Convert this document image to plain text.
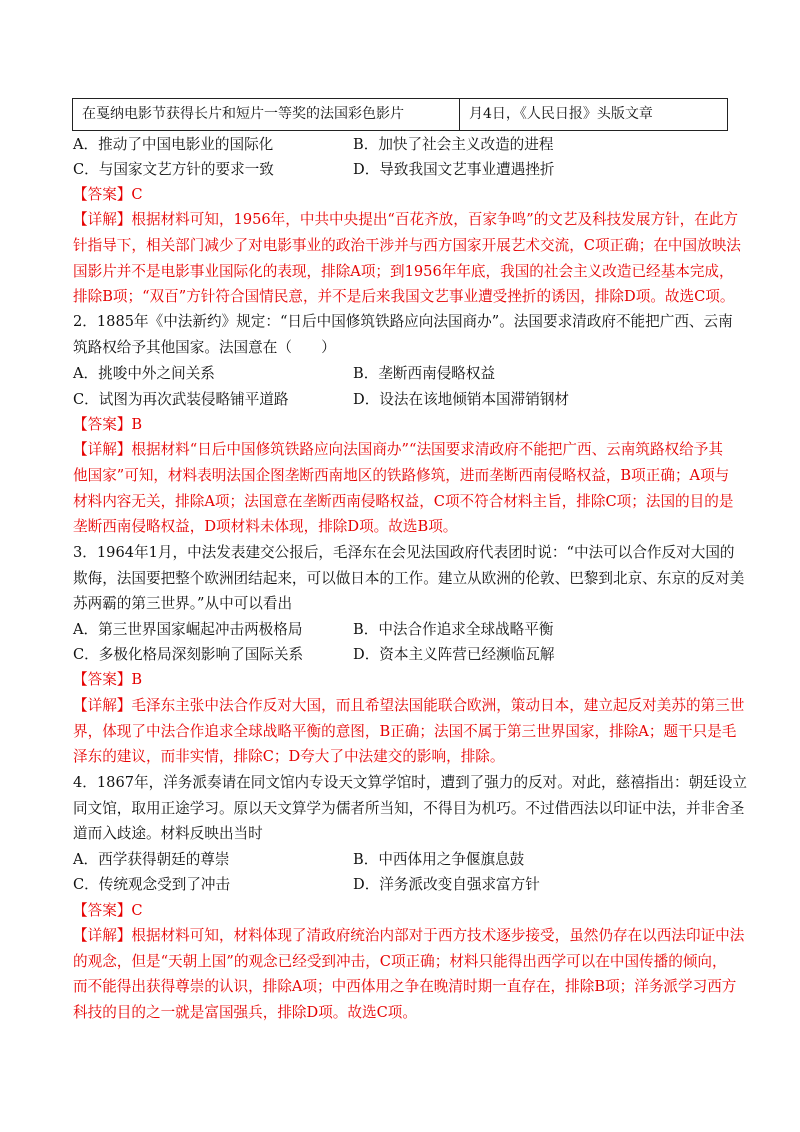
在戛纳电影节获得长片和短片一等奖的法国彩色影片	月4日，《人民日报》头版文章
A．推动了中国电影业的国际化	B．加快了社会主义改造的进程
C．与国家文艺方针的要求一致	D．导致我国文艺事业遭遇挫折
【答案】C
【详解】根据材料可知，1956年，中共中央提出“百花齐放，百家争鸣”的文艺及科技发展方针，在此方
针指导下，相关部门减少了对电影事业的政治干涉并与西方国家开展艺术交流，C项正确；在中国放映法
国影片并不是电影事业国际化的表现，排除A项；到1956年年底，我国的社会主义改造已经基本完成，
排除B项；“双百”方针符合国情民意，并不是后来我国文艺事业遭受挫折的诱因，排除D项。故选C项。
2．1885年《中法新约》规定：“日后中国修筑铁路应向法国商办”。法国要求清政府不能把广西、云南
筑路权给予其他国家。法国意在（　　）
A．挑唆中外之间关系	B．垄断西南侵略权益
C．试图为再次武装侵略铺平道路	D．设法在该地倾销本国滞销钢材
【答案】B
【详解】根据材料“日后中国修筑铁路应向法国商办”“法国要求清政府不能把广西、云南筑路权给予其
他国家”可知，材料表明法国企图垄断西南地区的铁路修筑，进而垄断西南侵略权益，B项正确；A项与
材料内容无关，排除A项；法国意在垄断西南侵略权益，C项不符合材料主旨，排除C项；法国的目的是
垄断西南侵略权益，D项材料未体现，排除D项。故选B项。
3．1964年1月，中法发表建交公报后，毛泽东在会见法国政府代表团时说：“中法可以合作反对大国的
欺侮，法国要把整个欧洲团结起来，可以做日本的工作。建立从欧洲的伦敦、巴黎到北京、东京的反对美
苏两霸的第三世界。”从中可以看出
A．第三世界国家崛起冲击两极格局	B．中法合作追求全球战略平衡
C．多极化格局深刻影响了国际关系	D．资本主义阵营已经濒临瓦解
【答案】B
【详解】毛泽东主张中法合作反对大国，而且希望法国能联合欧洲，策动日本，建立起反对美苏的第三世
界，体现了中法合作追求全球战略平衡的意图，B正确；法国不属于第三世界国家，排除A；题干只是毛
泽东的建议，而非实情，排除C；D夸大了中法建交的影响，排除。
4．1867年，洋务派奏请在同文馆内专设天文算学馆时，遭到了强力的反对。对此，慈禧指出：朝廷设立
同文馆，取用正途学习。原以天文算学为儒者所当知，不得目为机巧。不过借西法以印证中法，并非舍圣
道而入歧途。材料反映出当时
A．西学获得朝廷的尊崇	B．中西体用之争偃旗息鼓
C．传统观念受到了冲击	D．洋务派改变自强求富方针
【答案】C
【详解】根据材料可知，材料体现了清政府统治内部对于西方技术逐步接受，虽然仍存在以西法印证中法
的观念，但是“天朝上国”的观念已经受到冲击，C项正确；材料只能得出西学可以在中国传播的倾向，
而不能得出获得尊崇的认识，排除A项；中西体用之争在晚清时期一直存在，排除B项；洋务派学习西方
科技的目的之一就是富国强兵，排除D项。故选C项。
